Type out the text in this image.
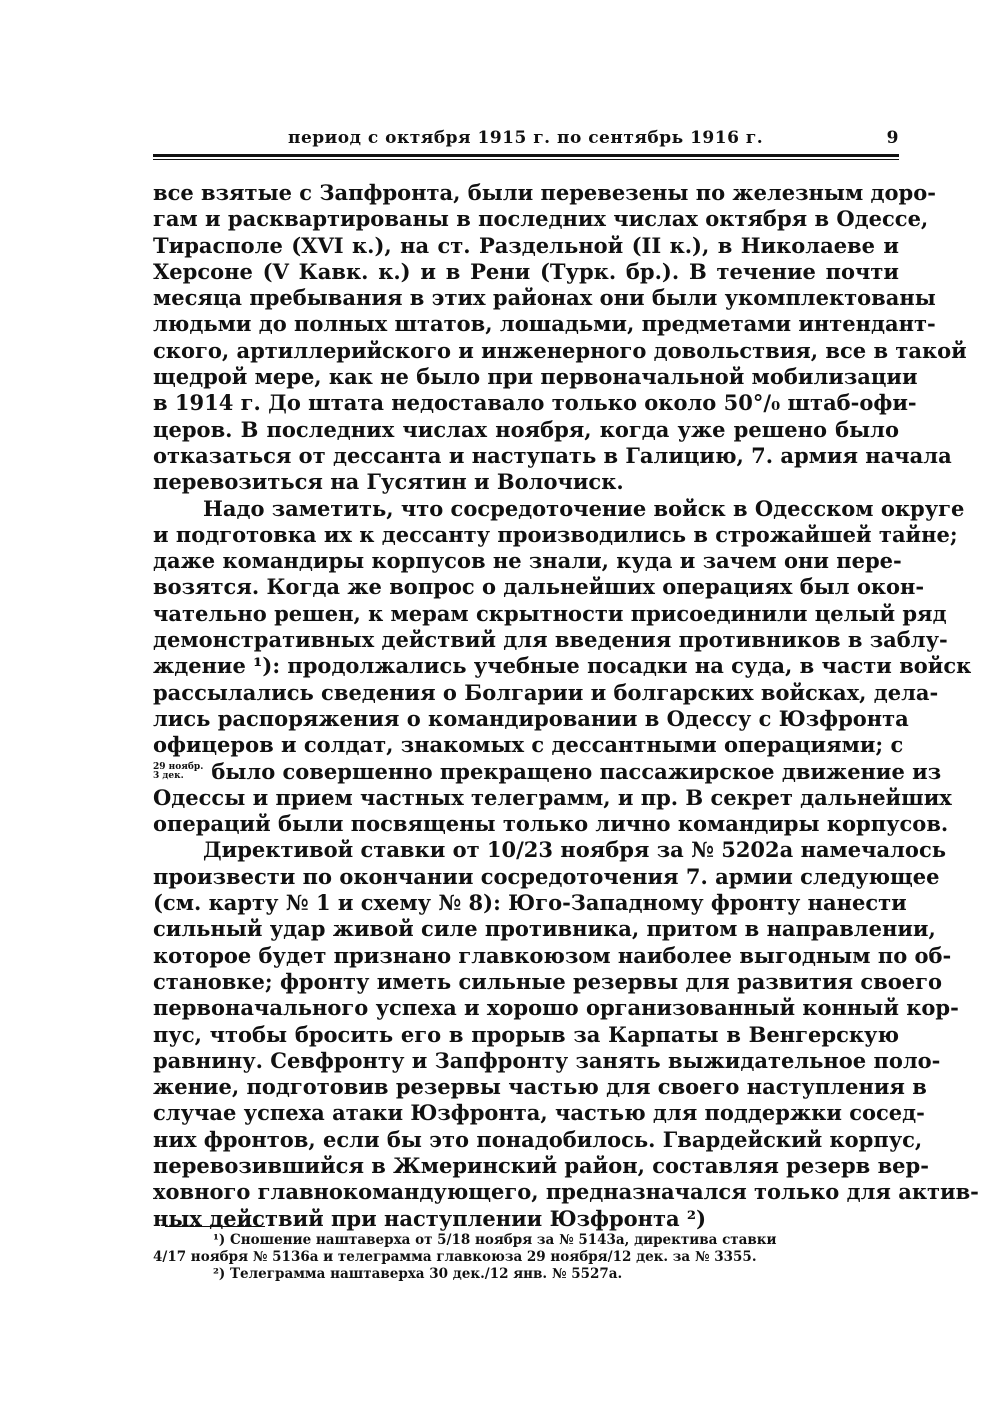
период с октября 1915 г. по сентябрь 1916 г.	9
все взятые с Запфронта, были перевезены по железным доро-
гам и расквартированы в последних числах октября в Одессе,
Тирасполе (XVI к.), на ст. Раздельной (II к.), в Николаеве и
Херсоне (V Кавк. к.) и в Рени (Турк. бр.). В течение почти
месяца пребывания в этих районах они были укомплектованы
людьми до полных штатов, лошадьми, предметами интендант-
ского, артиллерийского и инженерного довольствия, все в такой
щедрой мере, как не было при первоначальной мобилизации
в 1914 г. До штата недоставало только около 50°/₀ штаб-офи-
церов. В последних числах ноября, когда уже решено было
отказаться от дессанта и наступать в Галицию, 7. армия начала
перевозиться на Гусятин и Волочиск.
Надо заметить, что сосредоточение войск в Одесском округе
и подготовка их к дессанту производились в строжайшей тайне;
даже командиры корпусов не знали, куда и зачем они пере-
возятся. Когда же вопрос о дальнейших операциях был окон-
чательно решен, к мерам скрытности присоединили целый ряд
демонстративных действий для введения противников в заблу-
ждение ¹): продолжались учебные посадки на суда, в части войск
рассылались сведения о Болгарии и болгарских войсках, дела-
лись распоряжения о командировании в Одессу с Юзфронта
офицеров и солдат, знакомых с дессантными операциями; с
29 ноябр.
3 дек.	было совершенно прекращено пассажирское движение из
Одессы и прием частных телеграмм, и пр. В секрет дальнейших
операций были посвящены только лично командиры корпусов.
Директивой ставки от 10/23 ноября за № 5202а намечалось
произвести по окончании сосредоточения 7. армии следующее
(см. карту № 1 и схему № 8): Юго-Западному фронту нанести
сильный удар живой силе противника, притом в направлении,
которое будет признано главкоюзом наиболее выгодным по об-
становке; фронту иметь сильные резервы для развития своего
первоначального успеха и хорошо организованный конный кор-
пус, чтобы бросить его в прорыв за Карпаты в Венгерскую
равнину. Севфронту и Запфронту занять выжидательное поло-
жение, подготовив резервы частью для своего наступления в
случае успеха атаки Юзфронта, частью для поддержки сосед-
них фронтов, если бы это понадобилось. Гвардейский корпус,
перевозившийся в Жмеринский район, составляя резерв вер-
ховного главнокомандующего, предназначался только для актив-
ных действий при наступлении Юзфронта ²)
¹) Сношение наштаверха от 5/18 ноября за № 5143а, директива ставки
4/17 ноября № 5136а и телеграмма главкоюза 29 ноября/12 дек. за № 3355.
²) Телеграмма наштаверха 30 дек./12 янв. № 5527а.
